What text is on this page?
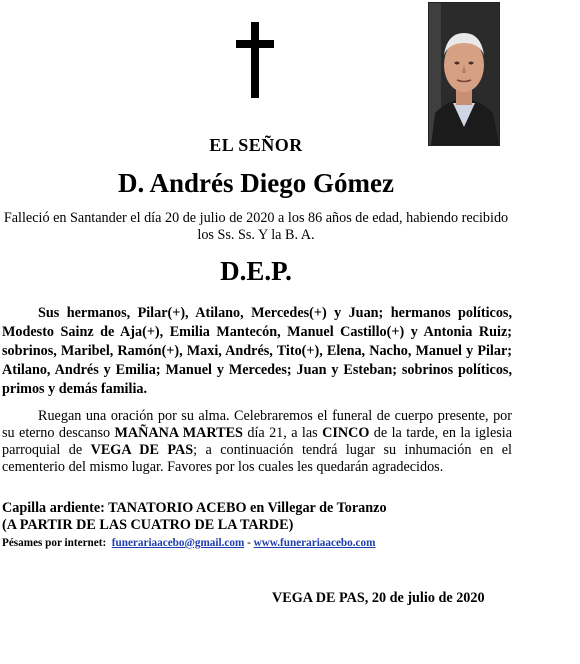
EL SEÑOR
D. Andrés Diego Gómez
Falleció en Santander el día 20 de julio de 2020 a los 86 años de edad, habiendo recibido los Ss. Ss. Y la B. A.
D.E.P.
Sus hermanos, Pilar(+), Atilano, Mercedes(+) y Juan; hermanos políticos, Modesto Sainz de Aja(+), Emilia Mantecón, Manuel Castillo(+) y Antonia Ruiz; sobrinos, Maribel, Ramón(+), Maxi, Andrés, Tito(+), Elena, Nacho, Manuel y Pilar; Atilano, Andrés y Emilia; Manuel y Mercedes; Juan y Esteban; sobrinos políticos, primos y demás familia.
Ruegan una oración por su alma. Celebraremos el funeral de cuerpo presente, por su eterno descanso MAÑANA MARTES día 21, a las CINCO de la tarde, en la iglesia parroquial de VEGA DE PAS; a continuación tendrá lugar su inhumación en el cementerio del mismo lugar. Favores por los cuales les quedarán agradecidos.
Capilla ardiente: TANATORIO ACEBO en Villegar de Toranzo
(A PARTIR DE LAS CUATRO DE LA TARDE)
Pésames por internet: funerariaacebo@gmail.com - www.funerariaacebo.com
VEGA DE PAS, 20 de julio de 2020
